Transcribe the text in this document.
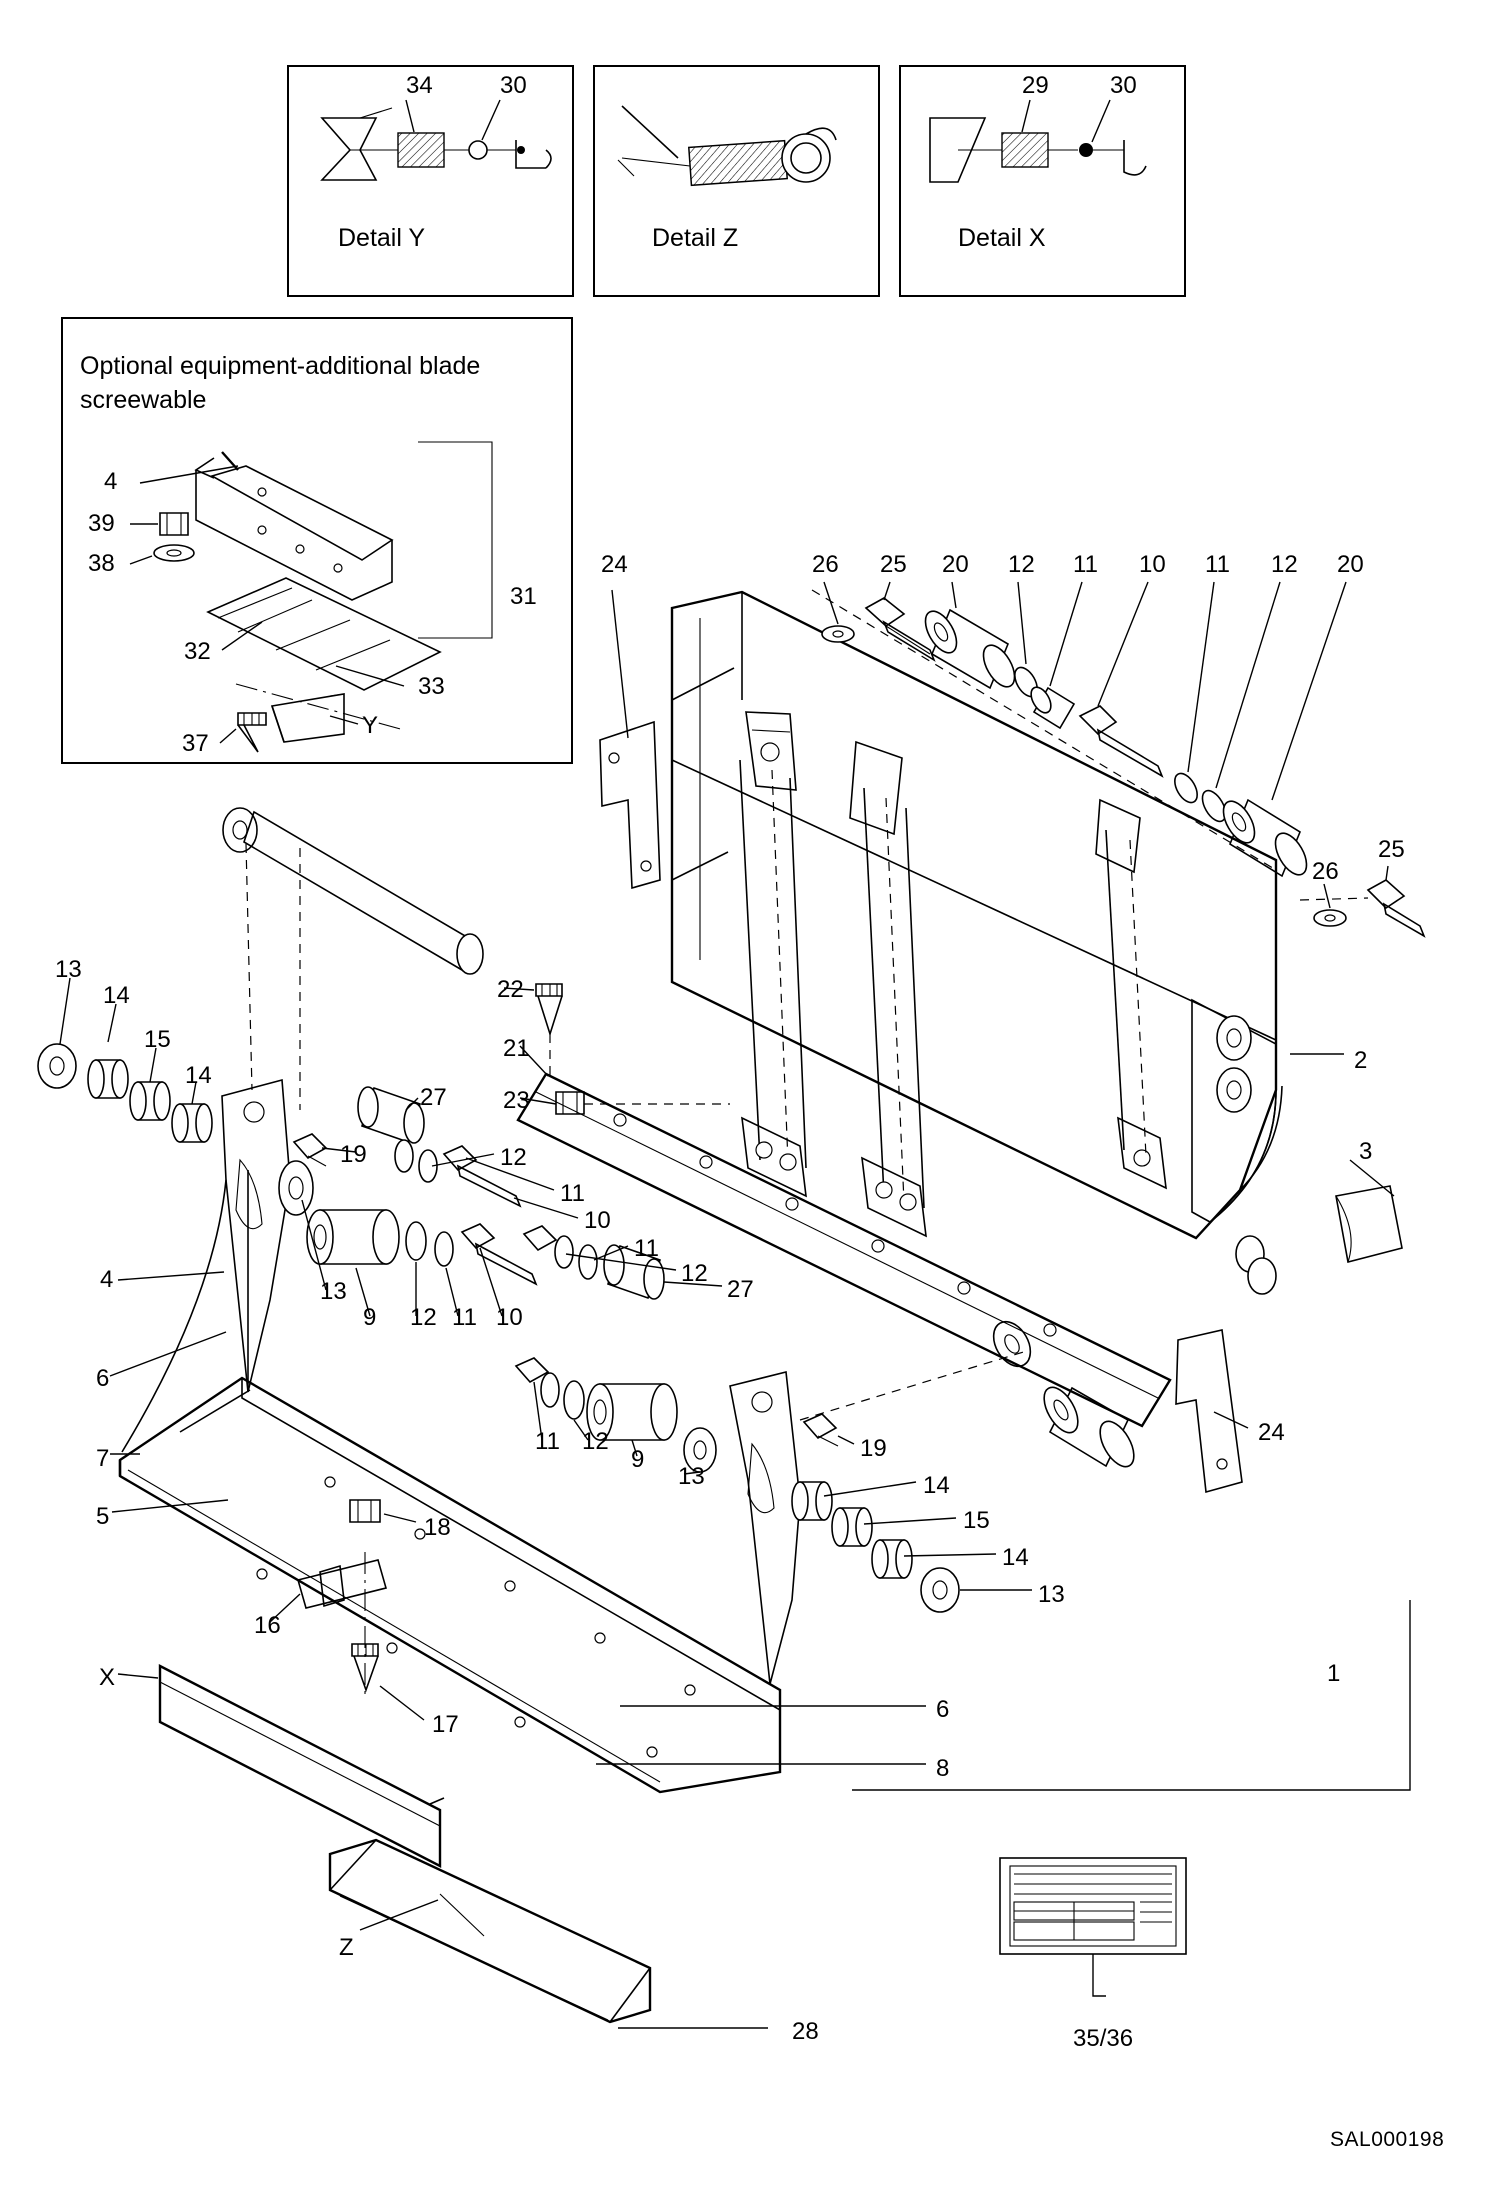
Detail Y	Detail Z	Detail X
34	30	29	30
Optional equipment-additional blade screewable
4
39
38
32
37
33
31
Y
24	26 25 20 12 11 10 11 12 20
26
25
2
3
24
1
13
14
15
14
22
21
23
27
19	12
11
10
11
12
27
4	13
9 12 11 10
6
11 12
9
13
19
7
5
14
15
14
13
18
16
17
X
6
8
Z
28	35/36
SAL000198
